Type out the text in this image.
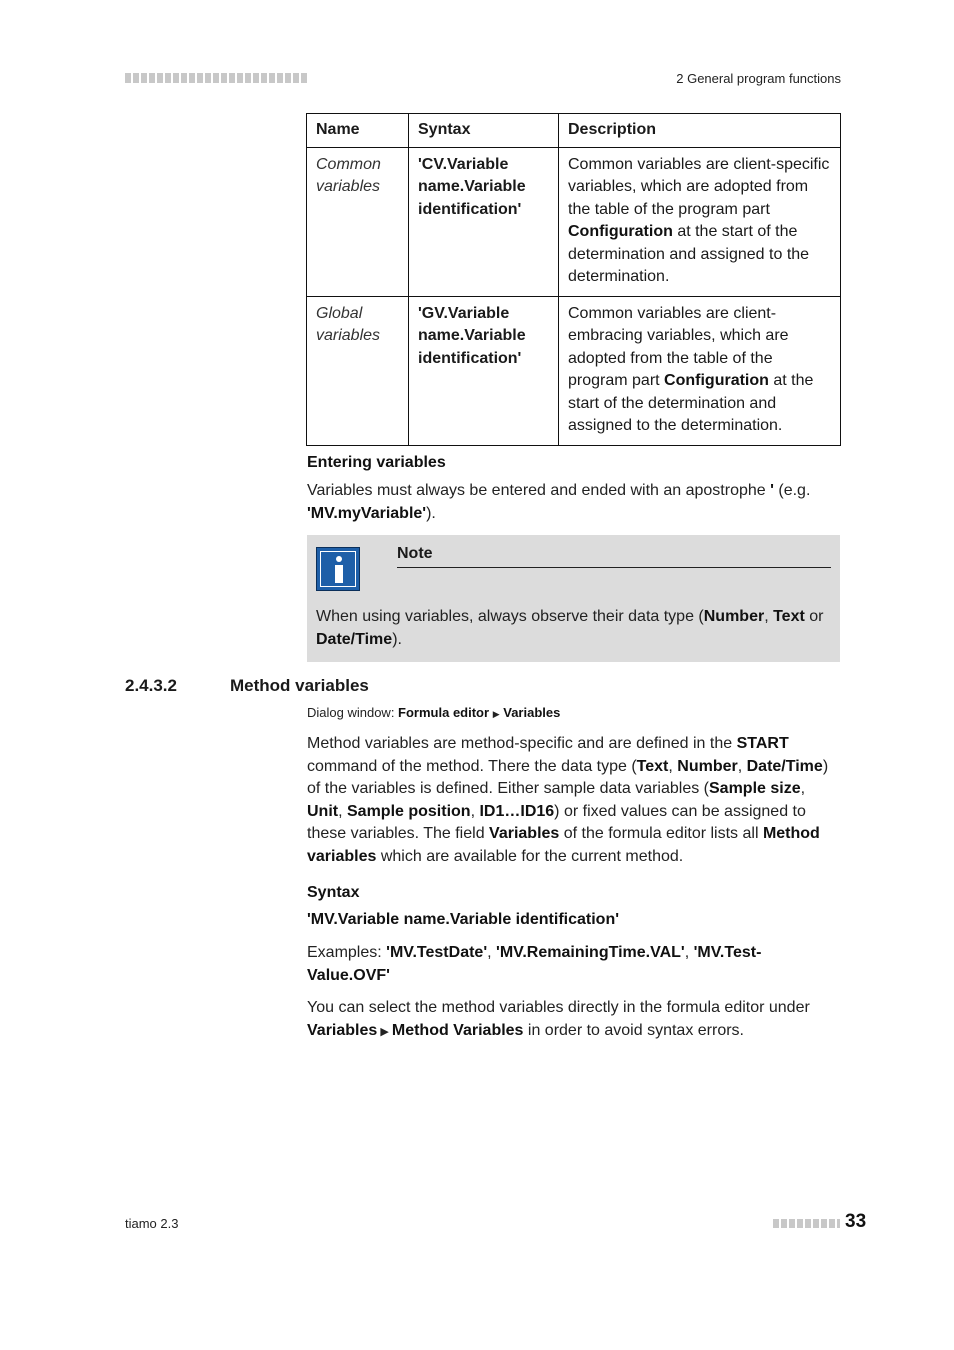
2 General program functions
Name	Syntax	Description
Common variables	'CV.Variable name.Variable identification'	Common variables are client-specific variables, which are adopted from the table of the program part Configuration at the start of the determination and assigned to the determination.
Global variables	'GV.Variable name.Variable identification'	Common variables are client-embracing variables, which are adopted from the table of the program part Configuration at the start of the determination and assigned to the determination.
Entering variables
Variables must always be entered and ended with an apostrophe ' (e.g. 'MV.myVariable').
Note
When using variables, always observe their data type (Number, Text or Date/Time).
2.4.3.2	Method variables
Dialog window: Formula editor ▶ Variables
Method variables are method-specific and are defined in the START command of the method. There the data type (Text, Number, Date/Time) of the variables is defined. Either sample data variables (Sample size, Unit, Sample position, ID1…ID16) or fixed values can be assigned to these variables. The field Variables of the formula editor lists all Method variables which are available for the current method.
Syntax
'MV.Variable name.Variable identification'
Examples: 'MV.TestDate', 'MV.RemainingTime.VAL', 'MV.Test-Value.OVF'
You can select the method variables directly in the formula editor under Variables ▶ Method Variables in order to avoid syntax errors.
tiamo 2.3	33
